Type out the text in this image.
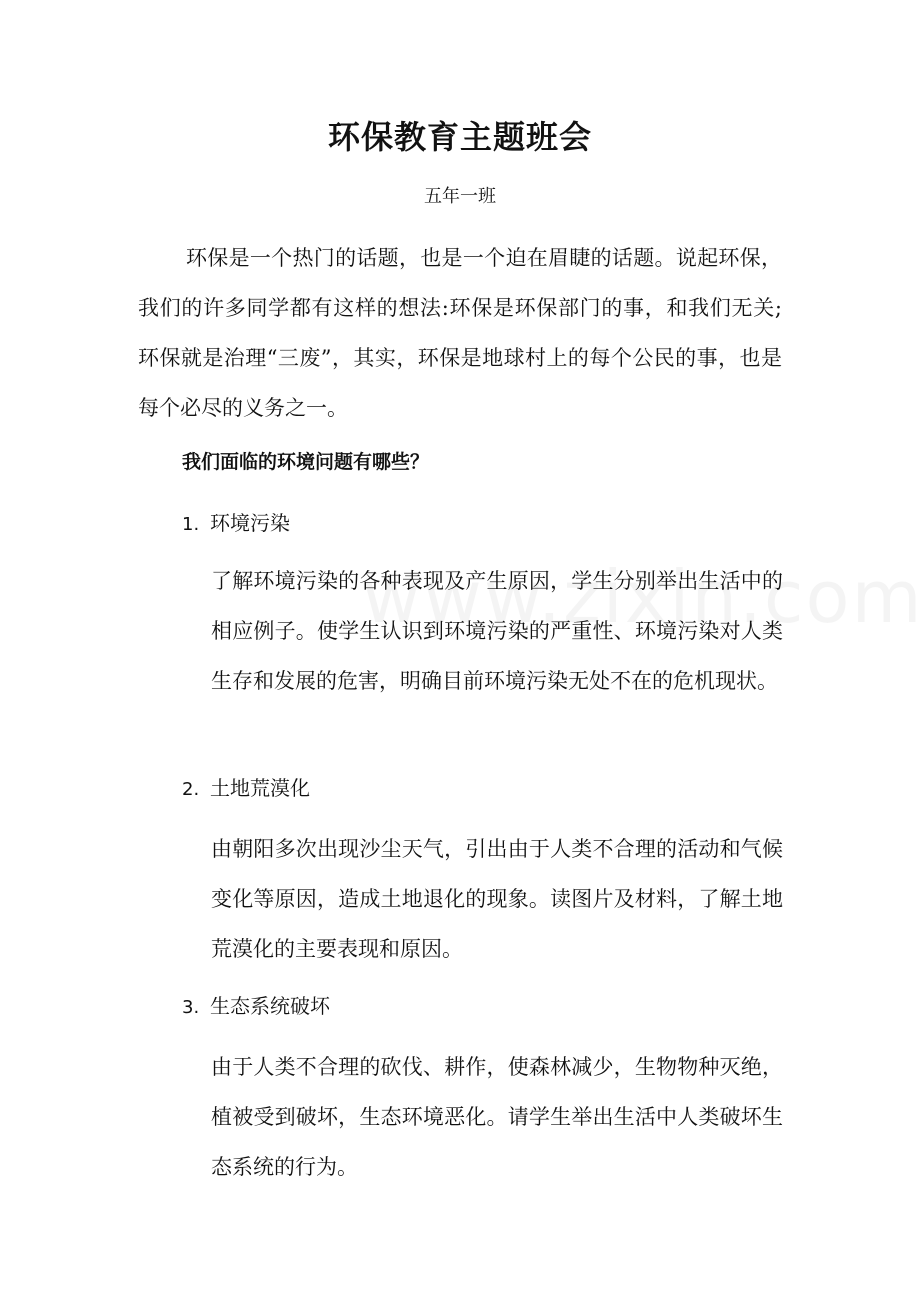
环保教育主题班会
五年一班

环保是一个热门的话题，也是一个迫在眉睫的话题。说起环保，我们的许多同学都有这样的想法:环保是环保部门的事，和我们无关;环保就是治理“三废”，其实，环保是地球村上的每个公民的事，也是每个必尽的义务之一。

我们面临的环境问题有哪些？
1. 环境污染

了解环境污染的各种表现及产生原因，学生分别举出生活中的相应例子。使学生认识到环境污染的严重性、环境污染对人类生存和发展的危害，明确目前环境污染无处不在的危机现状。

2. 土地荒漠化

由朝阳多次出现沙尘天气，引出由于人类不合理的活动和气候变化等原因，造成土地退化的现象。读图片及材料，了解土地荒漠化的主要表现和原因。

3. 生态系统破坏

由于人类不合理的砍伐、耕作，使森林减少，生物物种灭绝，植被受到破坏，生态环境恶化。请学生举出生活中人类破坏生态系统的行为。
